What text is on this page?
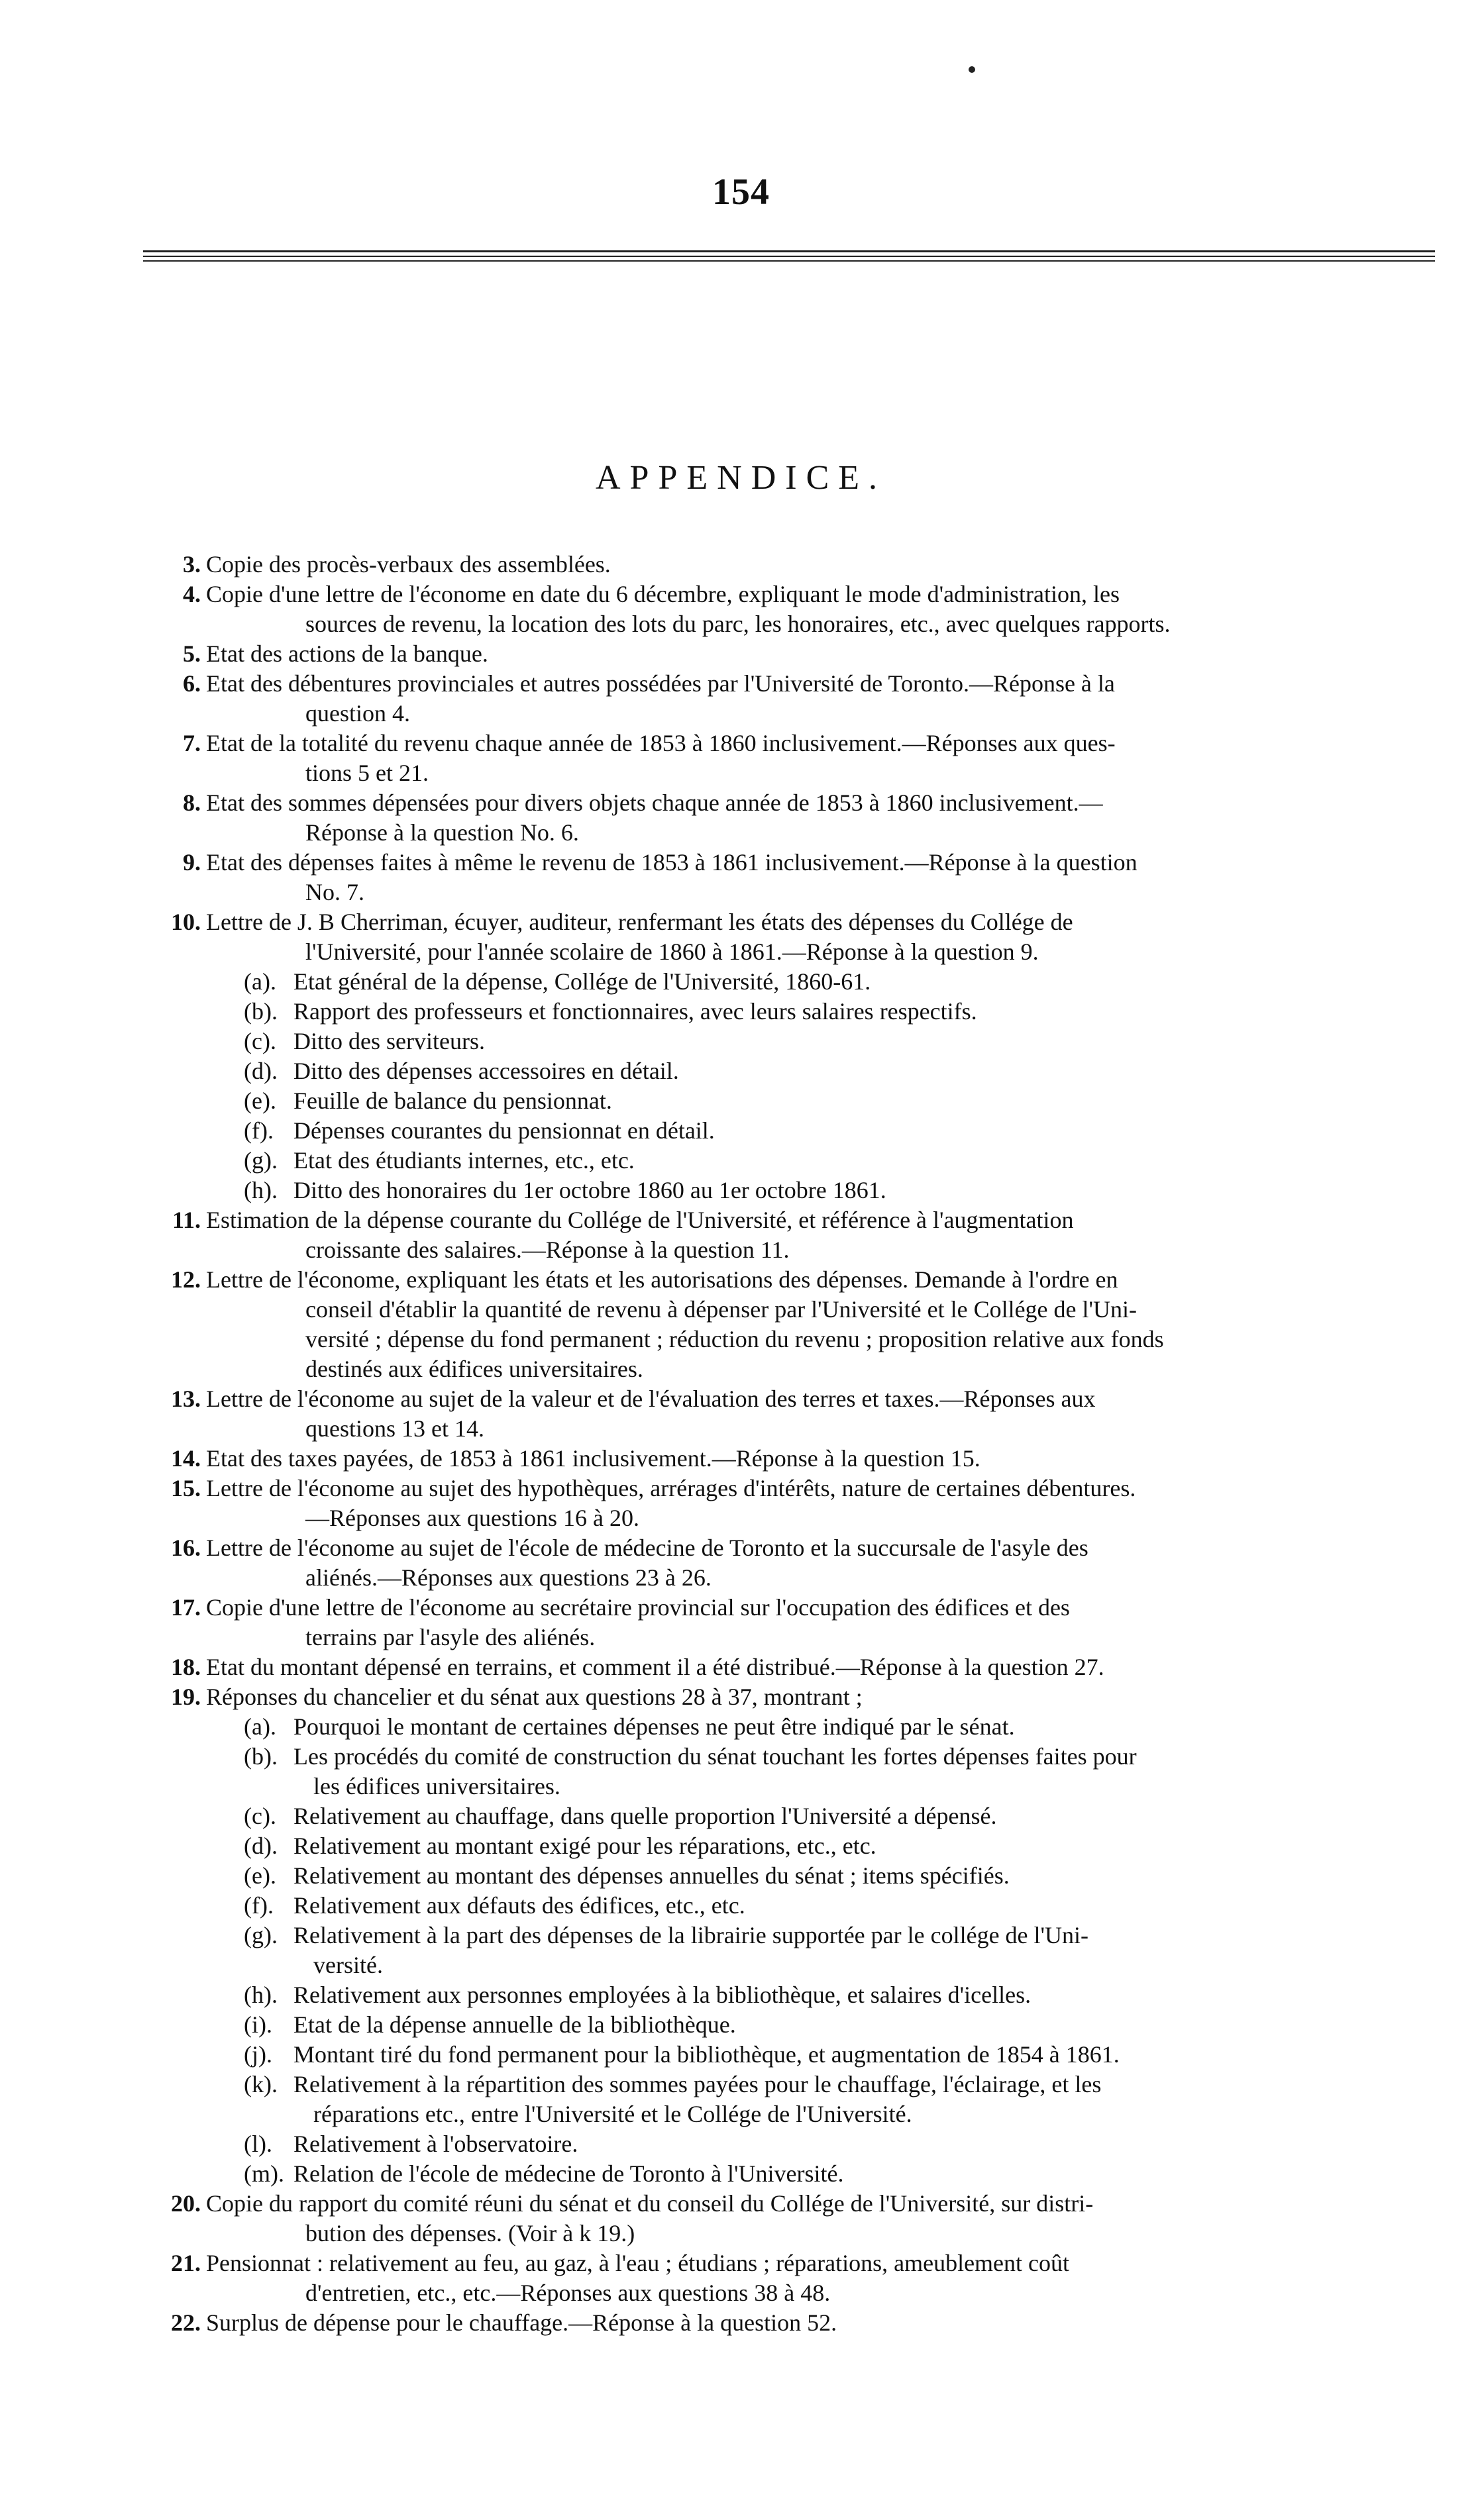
154
APPENDICE.
3. Copie des procès-verbaux des assemblées.
4. Copie d'une lettre de l'économe en date du 6 décembre, expliquant le mode d'administration, les
sources de revenu, la location des lots du parc, les honoraires, etc., avec quelques rapports.
5. Etat des actions de la banque.
6. Etat des débentures provinciales et autres possédées par l'Université de Toronto.—Réponse à la
question 4.
7. Etat de la totalité du revenu chaque année de 1853 à 1860 inclusivement.—Réponses aux ques-
tions 5 et 21.
8. Etat des sommes dépensées pour divers objets chaque année de 1853 à 1860 inclusivement.—
Réponse à la question No. 6.
9. Etat des dépenses faites à même le revenu de 1853 à 1861 inclusivement.—Réponse à la question
No. 7.
10. Lettre de J. B Cherriman, écuyer, auditeur, renfermant les états des dépenses du Collége de
l'Université, pour l'année scolaire de 1860 à 1861.—Réponse à la question 9.
(a). Etat général de la dépense, Collége de l'Université, 1860-61.
(b). Rapport des professeurs et fonctionnaires, avec leurs salaires respectifs.
(c). Ditto des serviteurs.
(d). Ditto des dépenses accessoires en détail.
(e). Feuille de balance du pensionnat.
(f). Dépenses courantes du pensionnat en détail.
(g). Etat des étudiants internes, etc., etc.
(h). Ditto des honoraires du 1er octobre 1860 au 1er octobre 1861.
11. Estimation de la dépense courante du Collége de l'Université, et référence à l'augmentation
croissante des salaires.—Réponse à la question 11.
12. Lettre de l'économe, expliquant les états et les autorisations des dépenses. Demande à l'ordre en
conseil d'établir la quantité de revenu à dépenser par l'Université et le Collége de l'Uni-
versité ; dépense du fond permanent ; réduction du revenu ; proposition relative aux fonds
destinés aux édifices universitaires.
13. Lettre de l'économe au sujet de la valeur et de l'évaluation des terres et taxes.—Réponses aux
questions 13 et 14.
14. Etat des taxes payées, de 1853 à 1861 inclusivement.—Réponse à la question 15.
15. Lettre de l'économe au sujet des hypothèques, arrérages d'intérêts, nature de certaines débentures.
—Réponses aux questions 16 à 20.
16. Lettre de l'économe au sujet de l'école de médecine de Toronto et la succursale de l'asyle des
aliénés.—Réponses aux questions 23 à 26.
17. Copie d'une lettre de l'économe au secrétaire provincial sur l'occupation des édifices et des
terrains par l'asyle des aliénés.
18. Etat du montant dépensé en terrains, et comment il a été distribué.—Réponse à la question 27.
19. Réponses du chancelier et du sénat aux questions 28 à 37, montrant ;
(a). Pourquoi le montant de certaines dépenses ne peut être indiqué par le sénat.
(b). Les procédés du comité de construction du sénat touchant les fortes dépenses faites pour
les édifices universitaires.
(c). Relativement au chauffage, dans quelle proportion l'Université a dépensé.
(d). Relativement au montant exigé pour les réparations, etc., etc.
(e). Relativement au montant des dépenses annuelles du sénat ; items spécifiés.
(f). Relativement aux défauts des édifices, etc., etc.
(g). Relativement à la part des dépenses de la librairie supportée par le collége de l'Uni-
versité.
(h). Relativement aux personnes employées à la bibliothèque, et salaires d'icelles.
(i). Etat de la dépense annuelle de la bibliothèque.
(j). Montant tiré du fond permanent pour la bibliothèque, et augmentation de 1854 à 1861.
(k). Relativement à la répartition des sommes payées pour le chauffage, l'éclairage, et les
réparations etc., entre l'Université et le Collége de l'Université.
(l). Relativement à l'observatoire.
(m). Relation de l'école de médecine de Toronto à l'Université.
20. Copie du rapport du comité réuni du sénat et du conseil du Collége de l'Université, sur distri-
bution des dépenses. (Voir à k 19.)
21. Pensionnat : relativement au feu, au gaz, à l'eau ; étudians ; réparations, ameublement coût
d'entretien, etc., etc.—Réponses aux questions 38 à 48.
22. Surplus de dépense pour le chauffage.—Réponse à la question 52.
